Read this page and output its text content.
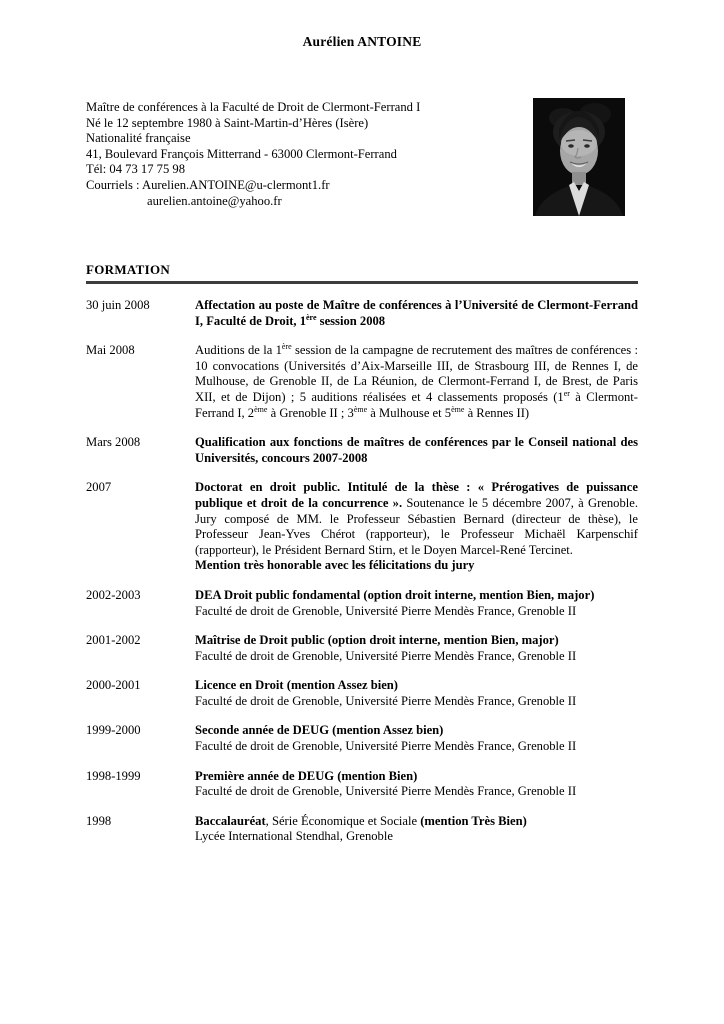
Aurélien ANTOINE
Maître de conférences à la Faculté de Droit de Clermont-Ferrand I
Né le 12 septembre 1980 à Saint-Martin-d’Hères (Isère)
Nationalité française
41, Boulevard François Mitterrand - 63000 Clermont-Ferrand
Tél: 04 73 17 75 98
Courriels : Aurelien.ANTOINE@u-clermont1.fr
aurelien.antoine@yahoo.fr
FORMATION
30 juin 2008	Affectation au poste de Maître de conférences à l’Université de Clermont-Ferrand I, Faculté de Droit, 1ère session 2008
Mai 2008	Auditions de la 1ère session de la campagne de recrutement des maîtres de conférences : 10 convocations (Universités d’Aix-Marseille III, de Strasbourg III, de Rennes I, de Mulhouse, de Grenoble II, de La Réunion, de Clermont-Ferrand I, de Brest, de Paris XII, et de Dijon) ; 5 auditions réalisées et 4 classements proposés (1er à Clermont-Ferrand I, 2ème à Grenoble II ; 3ème à Mulhouse et 5ème à Rennes II)
Mars 2008	Qualification aux fonctions de maîtres de conférences par le Conseil national des Universités, concours 2007-2008
2007	Doctorat en droit public. Intitulé de la thèse : « Prérogatives de puissance publique et droit de la concurrence ». Soutenance le 5 décembre 2007, à Grenoble. Jury composé de MM. le Professeur Sébastien Bernard (directeur de thèse), le Professeur Jean-Yves Chérot (rapporteur), le Professeur Michaël Karpenschif (rapporteur), le Président Bernard Stirn, et le Doyen Marcel-René Tercinet.
Mention très honorable avec les félicitations du jury
2002-2003	DEA Droit public fondamental (option droit interne, mention Bien, major)
Faculté de droit de Grenoble, Université Pierre Mendès France, Grenoble II
2001-2002	Maîtrise de Droit public (option droit interne, mention Bien, major)
Faculté de droit de Grenoble, Université Pierre Mendès France, Grenoble II
2000-2001	Licence en Droit (mention Assez bien)
Faculté de droit de Grenoble, Université Pierre Mendès France, Grenoble II
1999-2000	Seconde année de DEUG (mention Assez bien)
Faculté de droit de Grenoble, Université Pierre Mendès France, Grenoble II
1998-1999	Première année de DEUG (mention Bien)
Faculté de droit de Grenoble, Université Pierre Mendès France, Grenoble II
1998	Baccalauréat, Série Économique et Sociale (mention Très Bien)
Lycée International Stendhal, Grenoble
